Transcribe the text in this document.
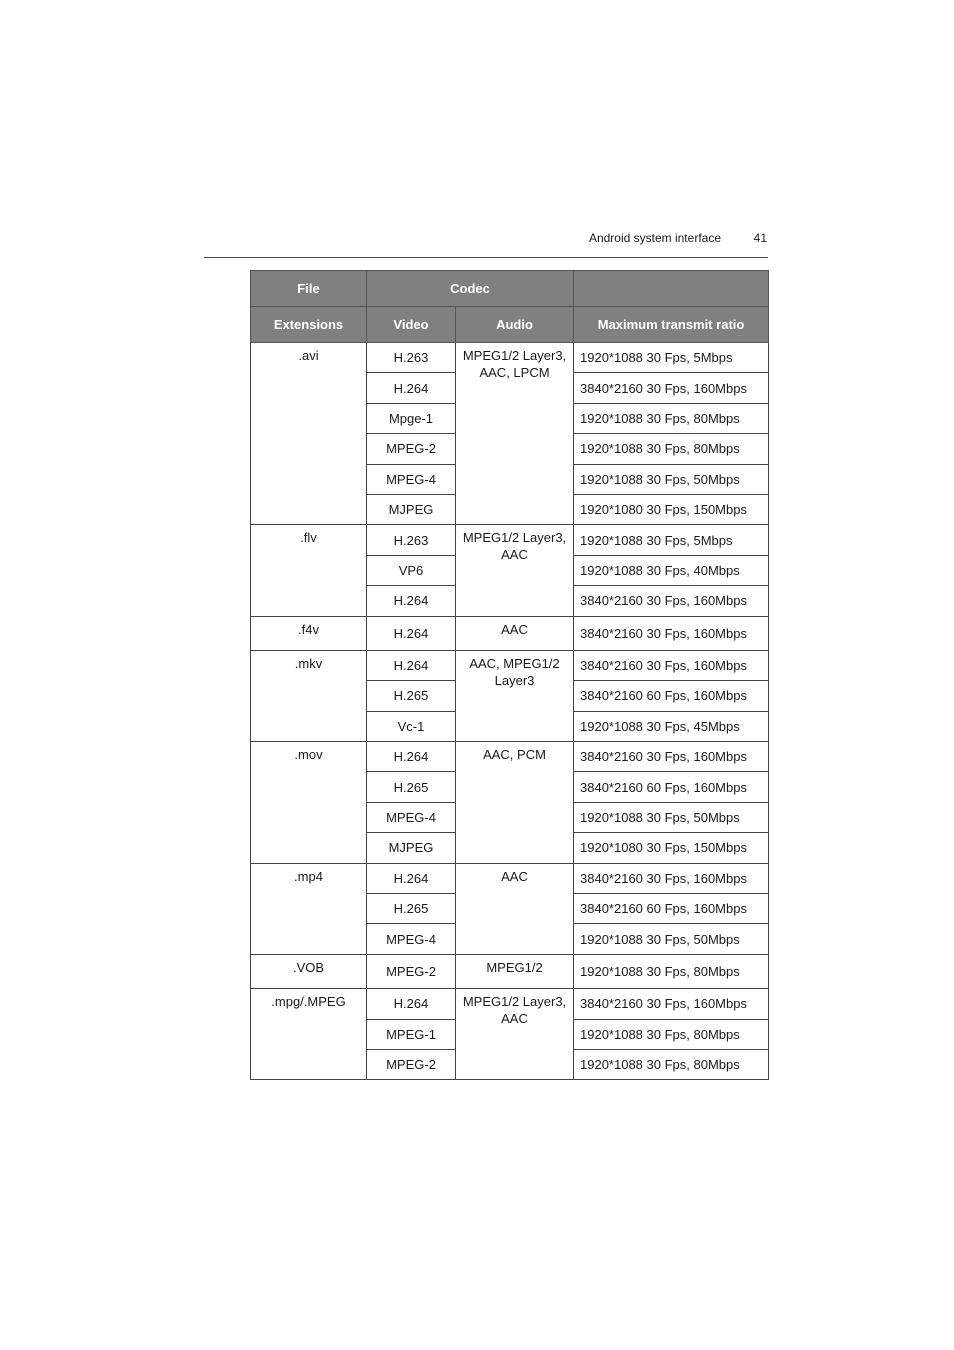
Android system interface	41
File	Codec		
Extensions	Video	Audio	Maximum transmit ratio
.avi	H.263	MPEG1/2 Layer3, AAC, LPCM	1920*1088 30 Fps, 5Mbps
	H.264		3840*2160 30 Fps, 160Mbps
	Mpge-1		1920*1088 30 Fps, 80Mbps
	MPEG-2		1920*1088 30 Fps, 80Mbps
	MPEG-4		1920*1088 30 Fps, 50Mbps
	MJPEG		1920*1080 30 Fps, 150Mbps
.flv	H.263	MPEG1/2 Layer3, AAC	1920*1088 30 Fps, 5Mbps
	VP6		1920*1088 30 Fps, 40Mbps
	H.264		3840*2160 30 Fps, 160Mbps
.f4v	H.264	AAC	3840*2160 30 Fps, 160Mbps
.mkv	H.264	AAC, MPEG1/2 Layer3	3840*2160 30 Fps, 160Mbps
	H.265		3840*2160 60 Fps, 160Mbps
	Vc-1		1920*1088 30 Fps, 45Mbps
.mov	H.264	AAC, PCM	3840*2160 30 Fps, 160Mbps
	H.265		3840*2160 60 Fps, 160Mbps
	MPEG-4		1920*1088 30 Fps, 50Mbps
	MJPEG		1920*1080 30 Fps, 150Mbps
.mp4	H.264	AAC	3840*2160 30 Fps, 160Mbps
	H.265		3840*2160 60 Fps, 160Mbps
	MPEG-4		1920*1088 30 Fps, 50Mbps
.VOB	MPEG-2	MPEG1/2	1920*1088 30 Fps, 80Mbps
.mpg/.MPEG	H.264	MPEG1/2 Layer3, AAC	3840*2160 30 Fps, 160Mbps
	MPEG-1		1920*1088 30 Fps, 80Mbps
	MPEG-2		1920*1088 30 Fps, 80Mbps
